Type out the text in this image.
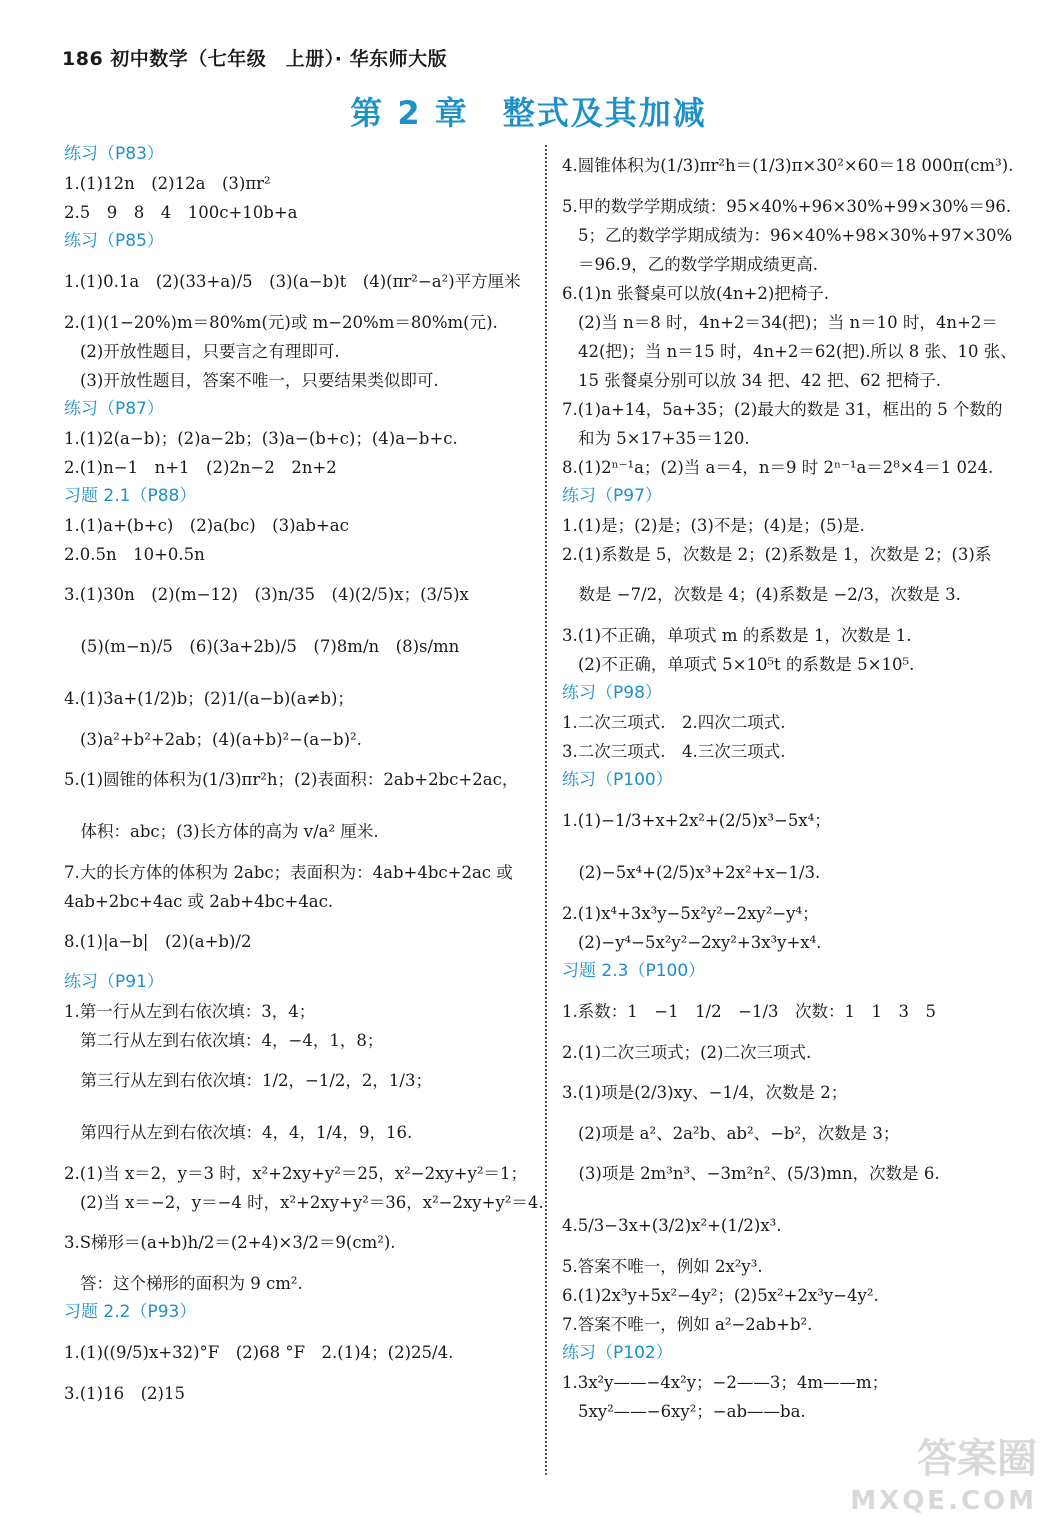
186 初中数学（七年级　上册）· 华东师大版
第 2 章　整式及其加减
练习（P83）
1.(1)12n　(2)12a　(3)πr²
2.5　9　8　4　100c+10b+a
练习（P85）
1.(1)0.1a　(2)(33+a)/5　(3)(a−b)t　(4)(πr²−a²)平方厘米
2.(1)(1−20%)m＝80%m(元)或 m−20%m＝80%m(元).
(2)开放性题目，只要言之有理即可.
(3)开放性题目，答案不唯一，只要结果类似即可.
练习（P87）
1.(1)2(a−b)；(2)a−2b；(3)a−(b+c)；(4)a−b+c.
2.(1)n−1　n+1　(2)2n−2　2n+2
习题 2.1（P88）
1.(1)a+(b+c)　(2)a(bc)　(3)ab+ac
2.0.5n　10+0.5n
3.(1)30n　(2)(m−12)　(3)n/35　(4)(2/5)x；(3/5)x
　(5)(m−n)/5　(6)(3a+2b)/5　(7)8m/n　(8)s/mn
4.(1)3a+(1/2)b；(2)1/(a−b)(a≠b)；
(3)a²+b²+2ab；(4)(a+b)²−(a−b)².
5.(1)圆锥的体积为(1/3)πr²h；(2)表面积：2ab+2bc+2ac，
　体积：abc；(3)长方体的高为 v/a² 厘米.
7.大的长方体的体积为 2abc；表面积为：4ab+4bc+2ac 或
4ab+2bc+4ac 或 2ab+4bc+4ac.
8.(1)|a−b|　(2)(a+b)/2
练习（P91）
1.第一行从左到右依次填：3，4；
第二行从左到右依次填：4，−4，1，8；
　第三行从左到右依次填：1/2，−1/2，2，1/3；
　第四行从左到右依次填：4，4，1/4，9，16.
2.(1)当 x＝2，y＝3 时，x²+2xy+y²＝25，x²−2xy+y²＝1；
(2)当 x＝−2，y＝−4 时，x²+2xy+y²＝36，x²−2xy+y²＝4.
3.S梯形＝(a+b)h/2＝(2+4)×3/2＝9(cm²).
答：这个梯形的面积为 9 cm².
习题 2.2（P93）
1.(1)((9/5)x+32)°F　(2)68 °F　2.(1)4；(2)25/4.
3.(1)16　(2)15
4.圆锥体积为(1/3)πr²h＝(1/3)π×30²×60＝18 000π(cm³).
5.甲的数学学期成绩：95×40%+96×30%+99×30%＝96.
5；乙的数学学期成绩为：96×40%+98×30%+97×30%
＝96.9，乙的数学学期成绩更高.
6.(1)n 张餐桌可以放(4n+2)把椅子.
(2)当 n＝8 时，4n+2＝34(把)；当 n＝10 时，4n+2＝
42(把)；当 n＝15 时，4n+2＝62(把).所以 8 张、10 张、
15 张餐桌分别可以放 34 把、42 把、62 把椅子.
7.(1)a+14，5a+35；(2)最大的数是 31，框出的 5 个数的
和为 5×17+35＝120.
8.(1)2ⁿ⁻¹a；(2)当 a＝4，n＝9 时 2ⁿ⁻¹a＝2⁸×4＝1 024.
练习（P97）
1.(1)是；(2)是；(3)不是；(4)是；(5)是.
2.(1)系数是 5，次数是 2；(2)系数是 1，次数是 2；(3)系
　数是 −7/2，次数是 4；(4)系数是 −2/3，次数是 3.
3.(1)不正确，单项式 m 的系数是 1，次数是 1.
(2)不正确，单项式 5×10⁵t 的系数是 5×10⁵.
练习（P98）
1.二次三项式.　2.四次二项式.
3.二次三项式.　4.三次三项式.
练习（P100）
1.(1)−1/3+x+2x²+(2/5)x³−5x⁴；
　(2)−5x⁴+(2/5)x³+2x²+x−1/3.
2.(1)x⁴+3x³y−5x²y²−2xy²−y⁴；
(2)−y⁴−5x²y²−2xy²+3x³y+x⁴.
习题 2.3（P100）
1.系数：1　−1　1/2　−1/3　次数：1　1　3　5
2.(1)二次三项式；(2)二次三项式.
3.(1)项是(2/3)xy、−1/4，次数是 2；
(2)项是 a²、2a²b、ab²、−b²，次数是 3；
　(3)项是 2m³n³、−3m²n²、(5/3)mn，次数是 6.
4.5/3−3x+(3/2)x²+(1/2)x³.
5.答案不唯一，例如 2x²y³.
6.(1)2x³y+5x²−4y²；(2)5x²+2x³y−4y².
7.答案不唯一，例如 a²−2ab+b².
练习（P102）
1.3x²y——−4x²y；−2——3；4m——m；
5xy²——−6xy²；−ab——ba.
答案圈
MXQE.COM
